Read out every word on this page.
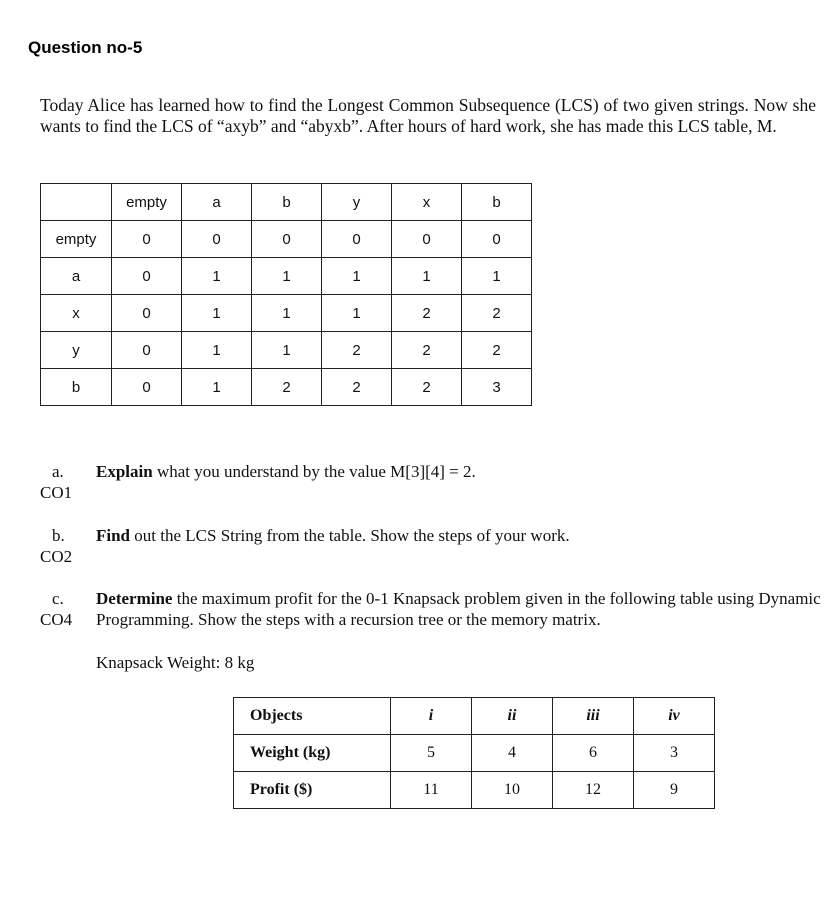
Question no-5
Today Alice has learned how to find the Longest Common Subsequence (LCS) of two given strings. Now she wants to find the LCS of “axyb” and “abyxb”. After hours of hard work, she has made this LCS table, M.
	empty	a	b	y	x	b
empty	0	0	0	0	0	0
a	0	1	1	1	1	1
x	0	1	1	1	2	2
y	0	1	1	2	2	2
b	0	1	2	2	2	3
a.
CO1
Explain what you understand by the value M[3][4] = 2.
b.
CO2
Find out the LCS String from the table. Show the steps of your work.
c.
CO4
Determine the maximum profit for the 0-1 Knapsack problem given in the following table using Dynamic Programming. Show the steps with a recursion tree or the memory matrix.
Knapsack Weight: 8 kg
Objects	i	ii	iii	iv
Weight (kg)	5	4	6	3
Profit ($)	11	10	12	9
